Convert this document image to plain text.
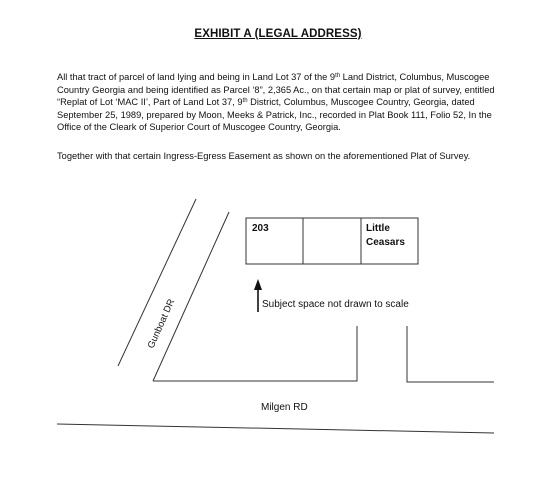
EXHIBIT A (LEGAL ADDRESS)

All that tract of parcel of land lying and being in Land Lot 37 of the 9th Land District, Columbus, Muscogee Country Georgia and being identified as Parcel ‘8”, 2,365 Ac., on that certain map or plat of survey, entitled “Replat of Lot ‘MAC II’, Part of Land Lot 37, 9th District, Columbus, Muscogee Country, Georgia, dated September 25, 1989, prepared by Moon, Meeks & Patrick, Inc., recorded in Plat Book 111, Folio 52, In the Office of the Cleark of Superior Court of Muscogee Country, Georgia.

Together with that certain Ingress-Egress Easement as shown on the aforementioned Plat of Survey.

203	Little
Ceasars
Subject space not drawn to scale
Gunboat DR
Milgen RD
